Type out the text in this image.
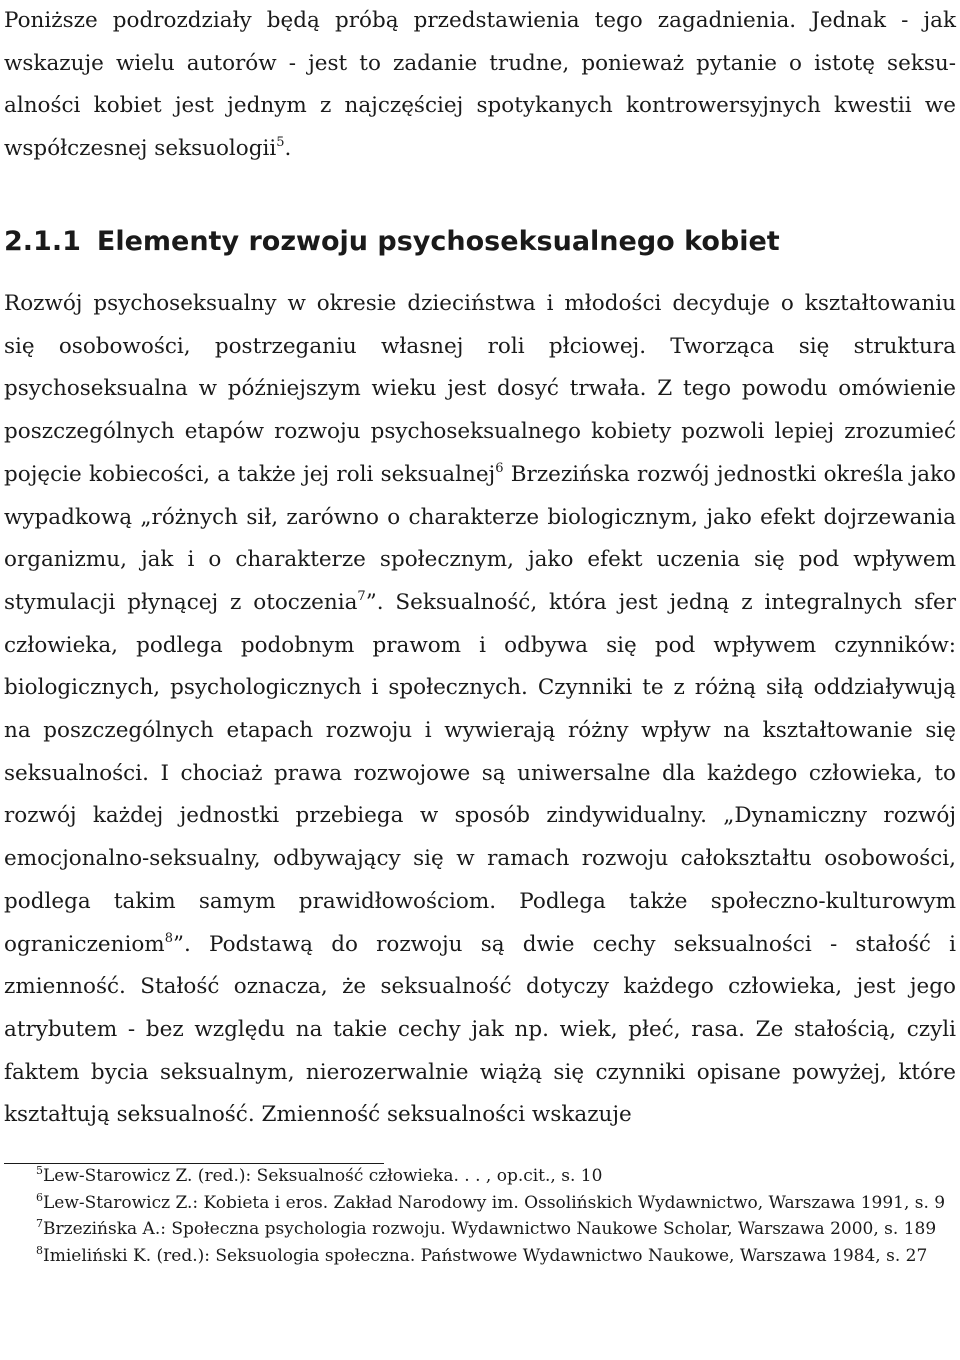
Poniższe podrozdziały będą próbą przedstawienia tego zagadnienia. Jednak - jak wskazuje wielu autorów - jest to zadanie trudne, ponieważ pytanie o istotę seksualności kobiet jest jednym z najczęściej spotykanych kontrowersyjnych kwestii we współczesnej seksuologii$^5$.

2.1.1 Elementy rozwoju psychoseksualnego kobiet

Rozwój psychoseksualny w okresie dzieciństwa i młodości decyduje o kształtowaniu się osobowości, postrzeganiu własnej roli płciowej. Tworząca się struktura psychoseksualna w późniejszym wieku jest dosyć trwała. Z tego powodu omówienie poszczególnych etapów rozwoju psychoseksualnego kobiety pozwoli lepiej zrozumieć pojęcie kobiecości, a także jej roli seksualnej$^6$ Brzezińska rozwój jednostki określa jako wypadkową „różnych sił, zarówno o charakterze biologicznym, jako efekt dojrzewania organizmu, jak i o charakterze społecznym, jako efekt uczenia się pod wpływem stymulacji płynącej z otoczenia$^7$”. Seksualność, która jest jedną z integralnych sfer człowieka, podlega podobnym prawom i odbywa się pod wpływem czynników: biologicznych, psychologicznych i społecznych. Czynniki te z różną siłą oddziaływują na poszczególnych etapach rozwoju i wywierają różny wpływ na kształtowanie się seksualności. I chociaż prawa rozwojowe są uniwersalne dla każdego człowieka, to rozwój każdej jednostki przebiega w sposób zindywidualny. „Dynamiczny rozwój emocjonalno-seksualny, odbywający się w ramach rozwoju całokształtu osobowości, podlega takim samym prawidłowościom. Podlega także społeczno-kulturowym ograniczeniom$^8$”. Podstawą do rozwoju są dwie cechy seksualności - stałość i zmienność. Stałość oznacza, że seksualność dotyczy każdego człowieka, jest jego atrybutem - bez względu na takie cechy jak np. wiek, płeć, rasa. Ze stałością, czyli faktem bycia seksualnym, nierozerwalnie wiążą się czynniki opisane powyżej, które kształtują seksualność. Zmienność seksualności wskazuje

$^5$Lew-Starowicz Z. (red.): Seksualność człowieka. . . , op.cit., s. 10
$^6$Lew-Starowicz Z.: Kobieta i eros. Zakład Narodowy im. Ossolińskich Wydawnictwo, Warszawa 1991, s. 9
$^7$Brzezińska A.: Społeczna psychologia rozwoju. Wydawnictwo Naukowe Scholar, Warszawa 2000, s. 189
$^8$Imieliński K. (red.): Seksuologia społeczna. Państwowe Wydawnictwo Naukowe, Warszawa 1984, s. 27
